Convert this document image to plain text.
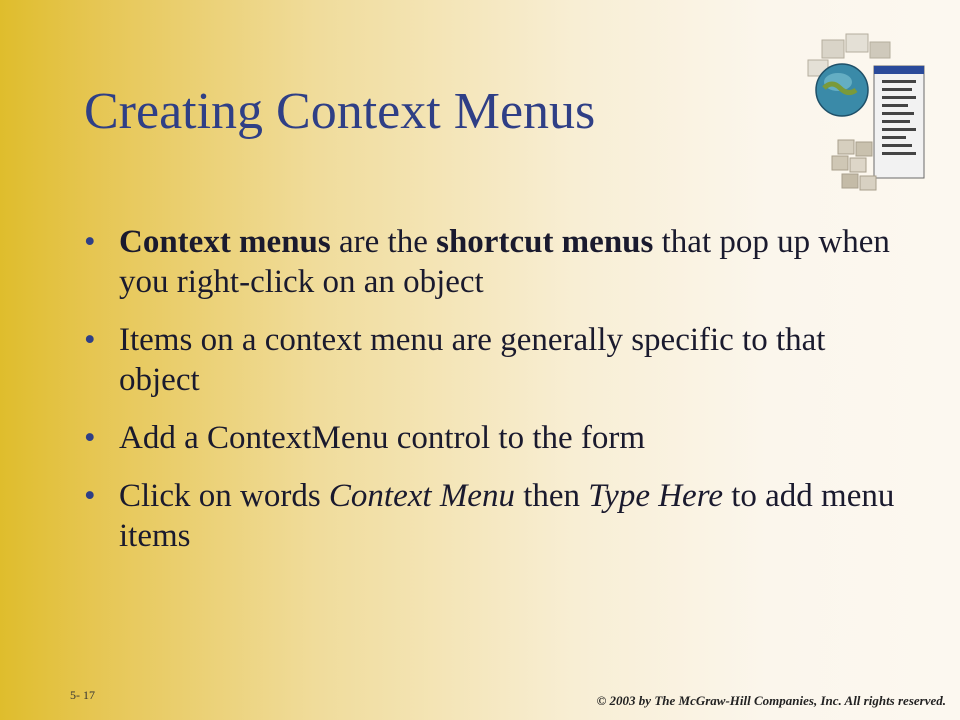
Creating Context Menus
• Context menus are the shortcut menus that pop up when you right-click on an object
• Items on a context menu are generally specific to that object
• Add a ContextMenu control to the form
• Click on words Context Menu then Type Here to add menu items
5- 17	© 2003 by The McGraw-Hill Companies, Inc. All rights reserved.
